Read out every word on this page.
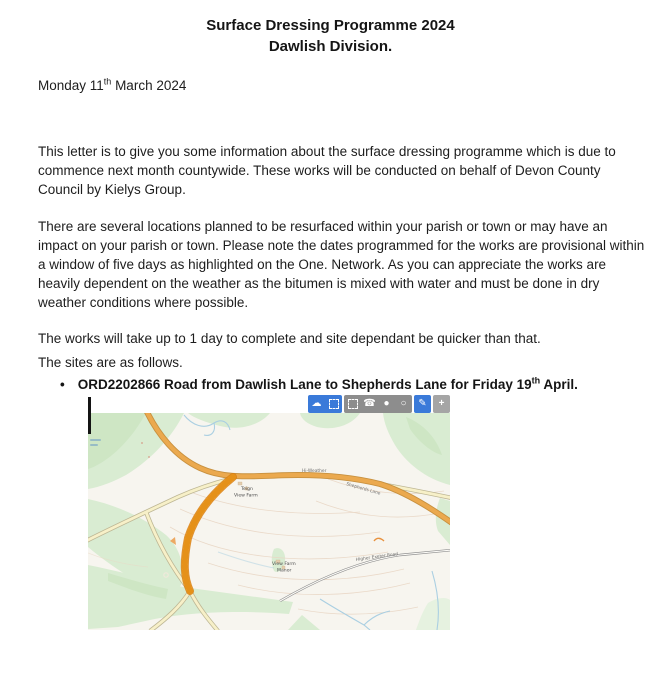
Surface Dressing Programme 2024
Dawlish Division.
Monday 11th March 2024
This letter is to give you some information about the surface dressing programme which is due to commence next month countywide. These works will be conducted on behalf of Devon County Council by Kielys Group.
There are several locations planned to be resurfaced within your parish or town or may have an impact on your parish or town. Please note the dates programmed for the works are provisional within a window of five days as highlighted on the One. Network. As you can appreciate the works are heavily dependent on the weather as the bitumen is mixed with water and must be done in dry weather conditions where possible.
The works will take up to 1 day to complete and site dependant be quicker than that.
The sites are as follows.
• ORD2202866 Road from Dawlish Lane to Shepherds Lane for Friday 19th April.
Hi-Weather
Shepherds Lane
Teign
View Farm
View Farm
Manor
Higher Exeter Road
☁	☎ ● ○ ✎ +
